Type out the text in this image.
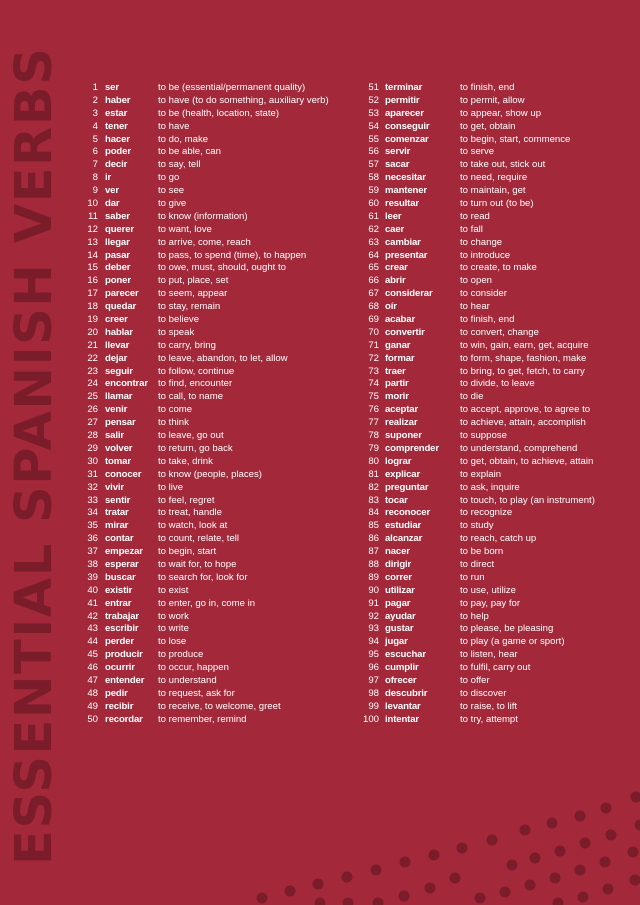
ESSENTIAL SPANISH VERBS	1 ser	to be (essential/permanent quality)
2 haber	to have (to do something, auxiliary verb)
3 estar	to be (health, location, state)
4 tener	to have
5 hacer	to do, make
6 poder	to be able, can
7 decir	to say, tell
8 ir	to go
9 ver	to see
10 dar	to give
11 saber	to know (information)
12 querer	to want, love
13 llegar	to arrive, come, reach
14 pasar	to pass, to spend (time), to happen
15 deber	to owe, must, should, ought to
16 poner	to put, place, set
17 parecer to seem, appear
18 quedar to stay, remain
19 creer	to believe
20 hablar	to speak
21 llevar	to carry, bring
22 dejar	to leave, abandon, to let, allow
23 seguir	to follow, continue
24 encontrar to find, encounter
25 llamar	to call, to name
26 venir	to come
27 pensar to think
28 salir	to leave, go out
29 volver	to return, go back
30 tomar	to take, drink
31 conocer to know (people, places)
32 vivir	to live
33 sentir	to feel, regret
34 tratar	to treat, handle
35 mirar	to watch, look at
36 contar	to count, relate, tell
37 empezar to begin, start
38 esperar to wait for, to hope
39 buscar to search for, look for
40 existir	to exist
41 entrar	to enter, go in, come in
42 trabajar to work
43 escribir to write
44 perder	to lose
45 producir to produce
46 ocurrir to occur, happen
47 entender to understand
48 pedir	to request, ask for
49 recibir	to receive, to welcome, greet
50 recordar to remember, remind
51 terminar	to finish, end
52 permitir	to permit, allow
53 aparecer	to appear, show up
54 conseguir	to get, obtain
55 comenzar	to begin, start, commence
56 servir	to serve
57 sacar	to take out, stick out
58 necesitar	to need, require
59 mantener	to maintain, get
60 resultar	to turn out (to be)
61 leer	to read
62 caer	to fall
63 cambiar	to change
64 presentar	to introduce
65 crear	to create, to make
66 abrir	to open
67 considerar	to consider
68 oír	to hear
69 acabar	to finish, end
70 convertir	to convert, change
71 ganar	to win, gain, earn, get, acquire
72 formar	to form, shape, fashion, make
73 traer	to bring, to get, fetch, to carry
74 partir	to divide, to leave
75 morir	to die
76 aceptar	to accept, approve, to agree to
77 realizar	to achieve, attain, accomplish
78 suponer	to suppose
79 comprender to understand, comprehend
80 lograr	to get, obtain, to achieve, attain
81 explicar	to explain
82 preguntar	to ask, inquire
83 tocar	to touch, to play (an instrument)
84 reconocer	to recognize
85 estudiar	to study
86 alcanzar	to reach, catch up
87 nacer	to be born
88 dirigir	to direct
89 correr	to run
90 utilizar	to use, utilize
91 pagar	to pay, pay for
92 ayudar	to help
93 gustar	to please, be pleasing
94 jugar	to play (a game or sport)
95 escuchar	to listen, hear
96 cumplir	to fulfil, carry out
97 ofrecer	to offer
98 descubrir	to discover
99 levantar	to raise, to lift
100 intentar	to try, attempt
